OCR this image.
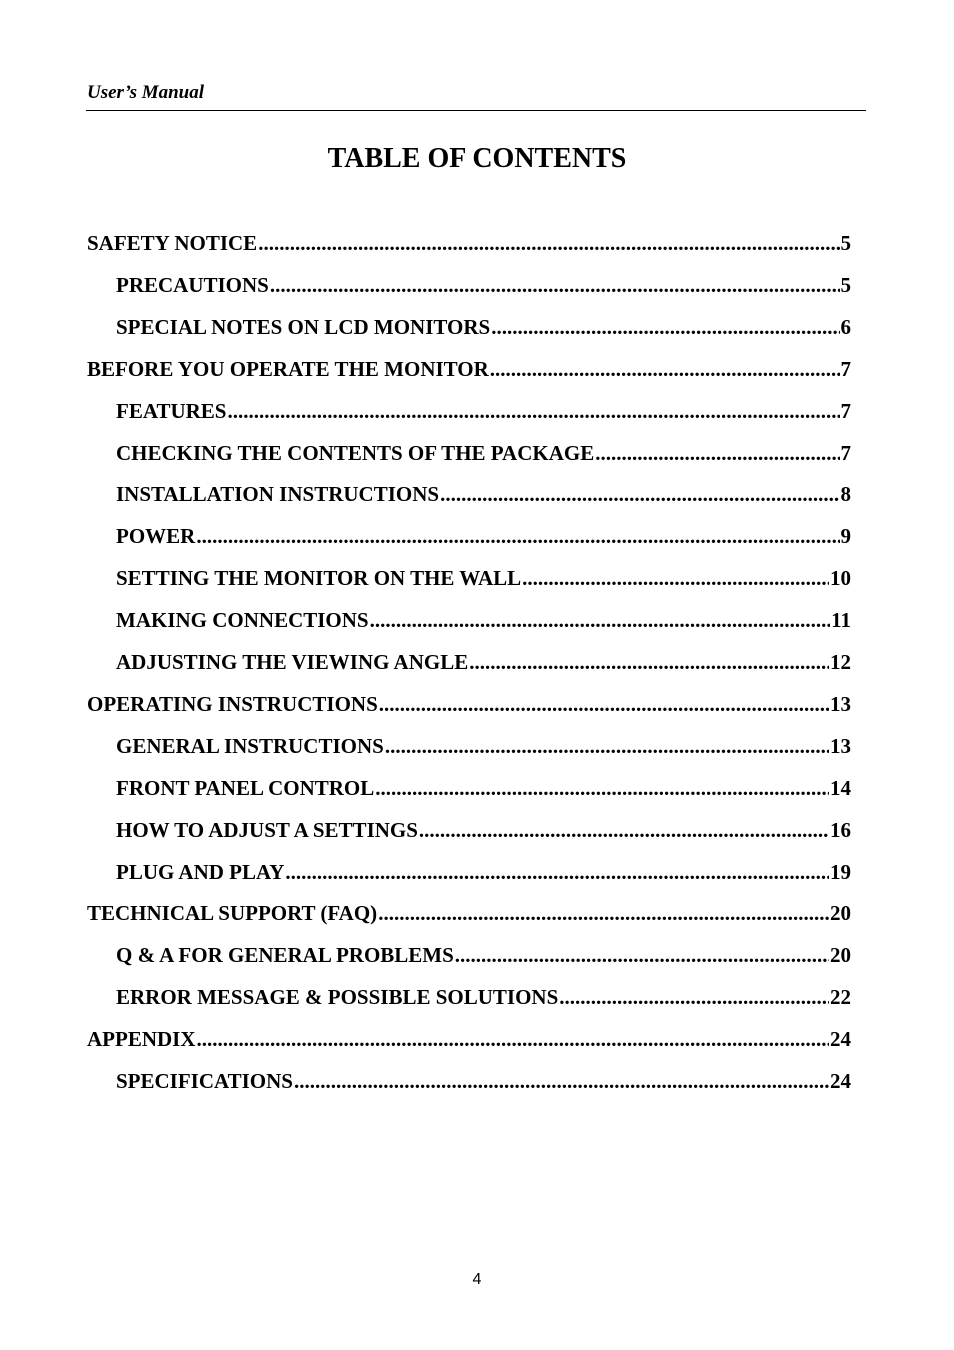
User’s Manual
TABLE OF CONTENTS
SAFETY NOTICE .....	5
PRECAUTIONS .....	5
SPECIAL NOTES ON LCD MONITORS .....	6
BEFORE YOU OPERATE THE MONITOR .....	7
FEATURES .....	7
CHECKING THE CONTENTS OF THE PACKAGE .....	7
INSTALLATION INSTRUCTIONS .....	8
POWER .....	9
SETTING THE MONITOR ON THE WALL .....	10
MAKING CONNECTIONS .....	11
ADJUSTING THE VIEWING ANGLE .....	12
OPERATING INSTRUCTIONS .....	13
GENERAL INSTRUCTIONS .....	13
FRONT PANEL CONTROL .....	14
HOW TO ADJUST A SETTINGS .....	16
PLUG AND PLAY .....	19
TECHNICAL SUPPORT (FAQ) .....	20
Q & A FOR GENERAL PROBLEMS .....	20
ERROR MESSAGE & POSSIBLE SOLUTIONS .....	22
APPENDIX .....	24
SPECIFICATIONS .....	24
4
